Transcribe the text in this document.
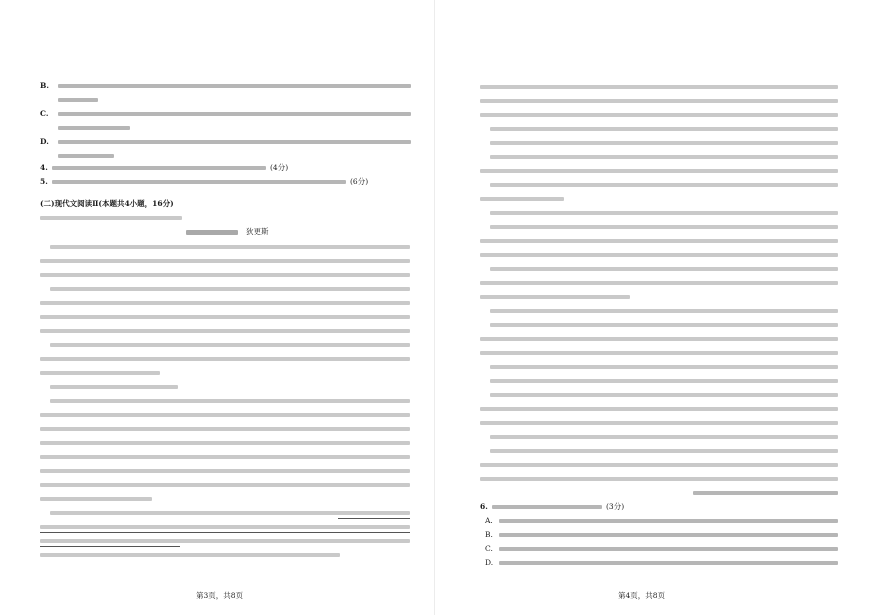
B.
C.
D.
4.	(4分)
5.	(6分)
(二)现代文阅读Ⅱ(本题共4小题，16分)
狄更斯
第3页，共8页
6.	(3分)
A.
B.
C.
D.
第4页，共8页
